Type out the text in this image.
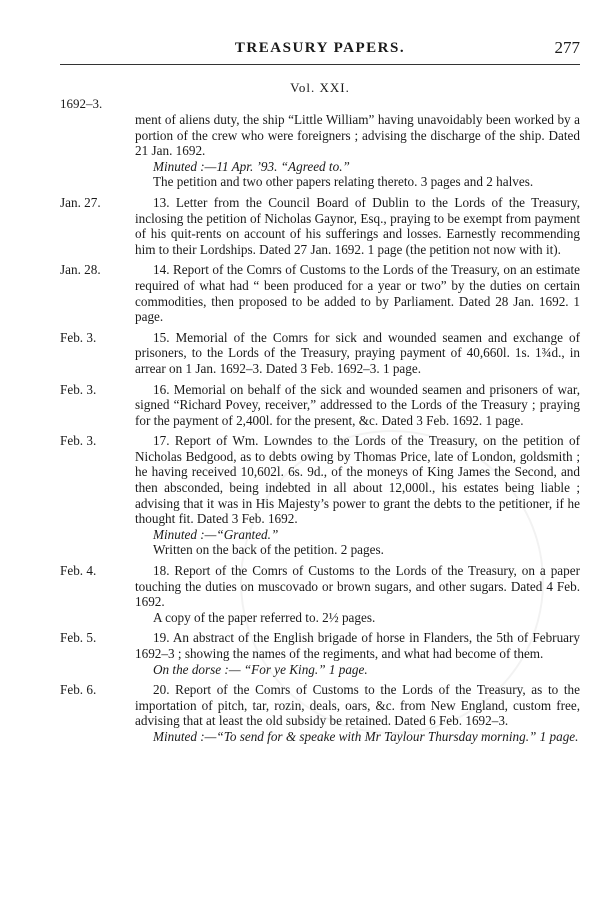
TREASURY PAPERS.	277
Vol. XXI.
1692–3.

ment of aliens duty, the ship “Little William” having unavoidably been worked by a portion of the crew who were foreigners ; advising the discharge of the ship. Dated 21 Jan. 1692.

Minuted :—11 Apr. ’93. “Agreed to.”

The petition and two other papers relating thereto. 3 pages and 2 halves.

Jan. 27.	13. Letter from the Council Board of Dublin to the Lords of the Treasury, inclosing the petition of Nicholas Gaynor, Esq., praying to be exempt from payment of his quit-rents on account of his sufferings and losses. Earnestly recommending him to their Lordships. Dated 27 Jan. 1692. 1 page (the petition not now with it).

Jan. 28.	14. Report of the Comrs of Customs to the Lords of the Treasury, on an estimate required of what had “ been produced for a year or two” by the duties on certain commodities, then proposed to be added to by Parliament. Dated 28 Jan. 1692. 1 page.

Feb. 3.	15. Memorial of the Comrs for sick and wounded seamen and exchange of prisoners, to the Lords of the Treasury, praying payment of 40,660l. 1s. 1¾d., in arrear on 1 Jan. 1692–3. Dated 3 Feb. 1692–3. 1 page.

Feb. 3.	16. Memorial on behalf of the sick and wounded seamen and prisoners of war, signed “Richard Povey, receiver,” addressed to the Lords of the Treasury ; praying for the payment of 2,400l. for the present, &c. Dated 3 Feb. 1692. 1 page.

Feb. 3.	17. Report of Wm. Lowndes to the Lords of the Treasury, on the petition of Nicholas Bedgood, as to debts owing by Thomas Price, late of London, goldsmith ; he having received 10,602l. 6s. 9d., of the moneys of King James the Second, and then absconded, being indebted in all about 12,000l., his estates being liable ; advising that it was in His Majesty’s power to grant the debts to the petitioner, if he thought fit. Dated 3 Feb. 1692.

Minuted :—“Granted.”

Written on the back of the petition. 2 pages.

Feb. 4.	18. Report of the Comrs of Customs to the Lords of the Treasury, on a paper touching the duties on muscovado or brown sugars, and other sugars. Dated 4 Feb. 1692.

A copy of the paper referred to. 2½ pages.

Feb. 5.	19. An abstract of the English brigade of horse in Flanders, the 5th of February 1692–3 ; showing the names of the regiments, and what had become of them.

On the dorse :— “For ye King.” 1 page.

Feb. 6.	20. Report of the Comrs of Customs to the Lords of the Treasury, as to the importation of pitch, tar, rozin, deals, oars, &c. from New England, custom free, advising that at least the old subsidy be retained. Dated 6 Feb. 1692–3.

Minuted :—“To send for & speake with Mr Taylour Thursday morning.” 1 page.
